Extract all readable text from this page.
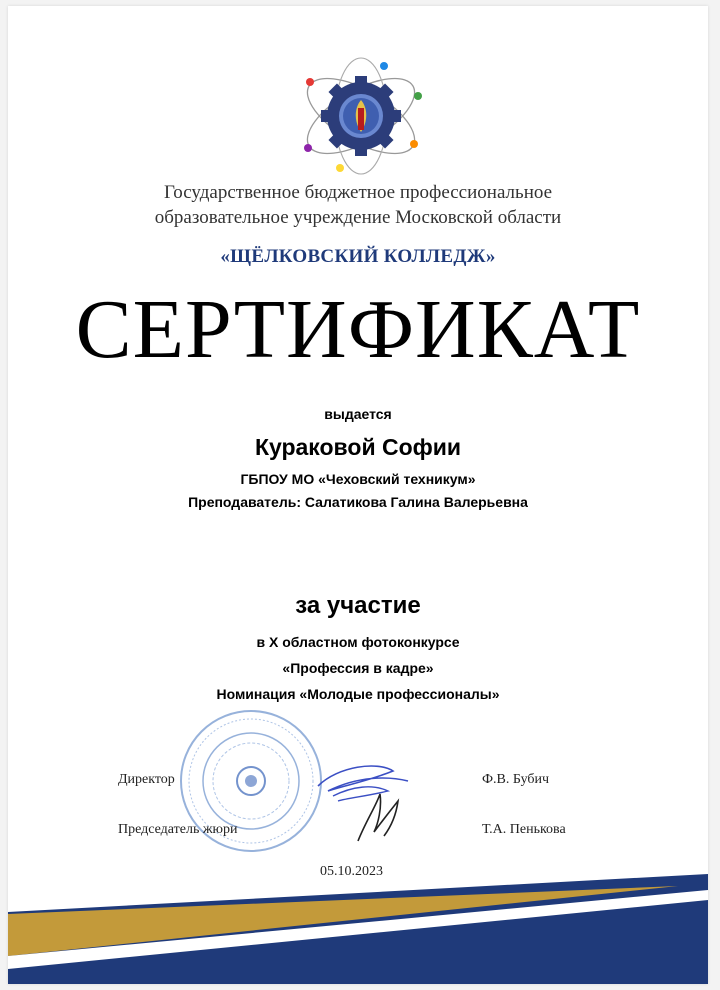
Государственное бюджетное профессиональное
образовательное учреждение Московской области
«ЩЁЛКОВСКИЙ КОЛЛЕДЖ»
СЕРТИФИКАТ
выдается
Кураковой Софии
ГБПОУ МО «Чеховский техникум»
Преподаватель: Салатикова Галина Валерьевна
за участие
в X областном фотоконкурсе
«Профессия в кадре»
Номинация «Молодые профессионалы»
Директор	Ф.В. Бубич
Председатель жюри	Т.А. Пенькова
05.10.2023
